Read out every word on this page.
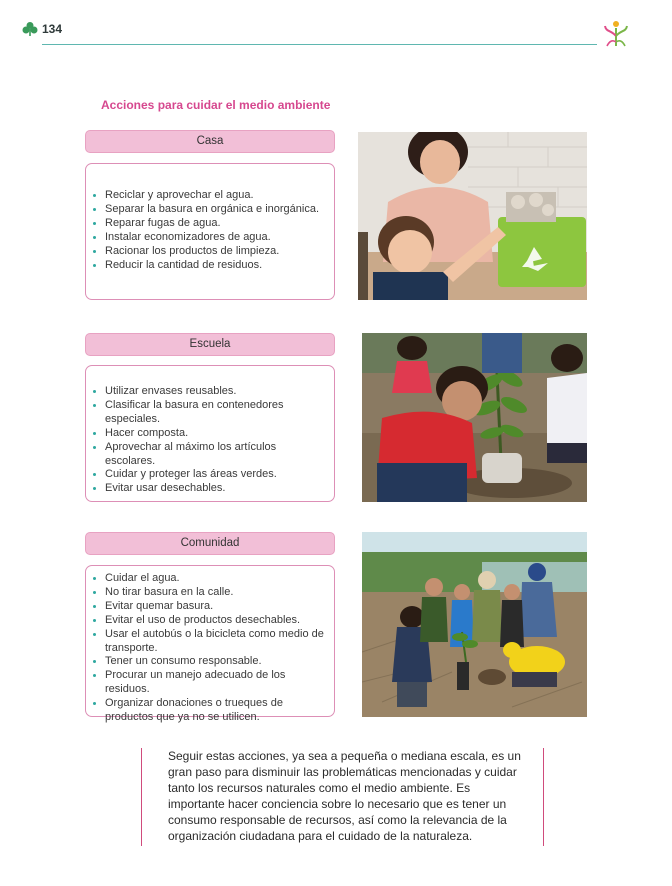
134
Acciones para cuidar el medio ambiente
Casa
Reciclar y aprovechar el agua.
Separar la basura en orgánica e inorgánica.
Reparar fugas de agua.
Instalar economizadores de agua.
Racionar los productos de limpieza.
Reducir la cantidad de residuos.
Escuela
Utilizar envases reusables.
Clasificar la basura en contenedores especiales.
Hacer composta.
Aprovechar al máximo los artículos escolares.
Cuidar y proteger las áreas verdes.
Evitar usar desechables.
Comunidad
Cuidar el agua.
No tirar basura en la calle.
Evitar quemar basura.
Evitar el uso de productos desechables.
Usar el autobús o la bicicleta como medio de transporte.
Tener un consumo responsable.
Procurar un manejo adecuado de los residuos.
Organizar donaciones o trueques de productos que ya no se utilicen.
Seguir estas acciones, ya sea a pequeña o mediana escala, es un gran paso para disminuir las problemáticas mencionadas y cuidar tanto los recursos naturales como el medio ambiente. Es importante hacer conciencia sobre lo necesario que es tener un consumo responsable de recursos, así como la relevancia de la organización ciudadana para el cuidado de la naturaleza.
